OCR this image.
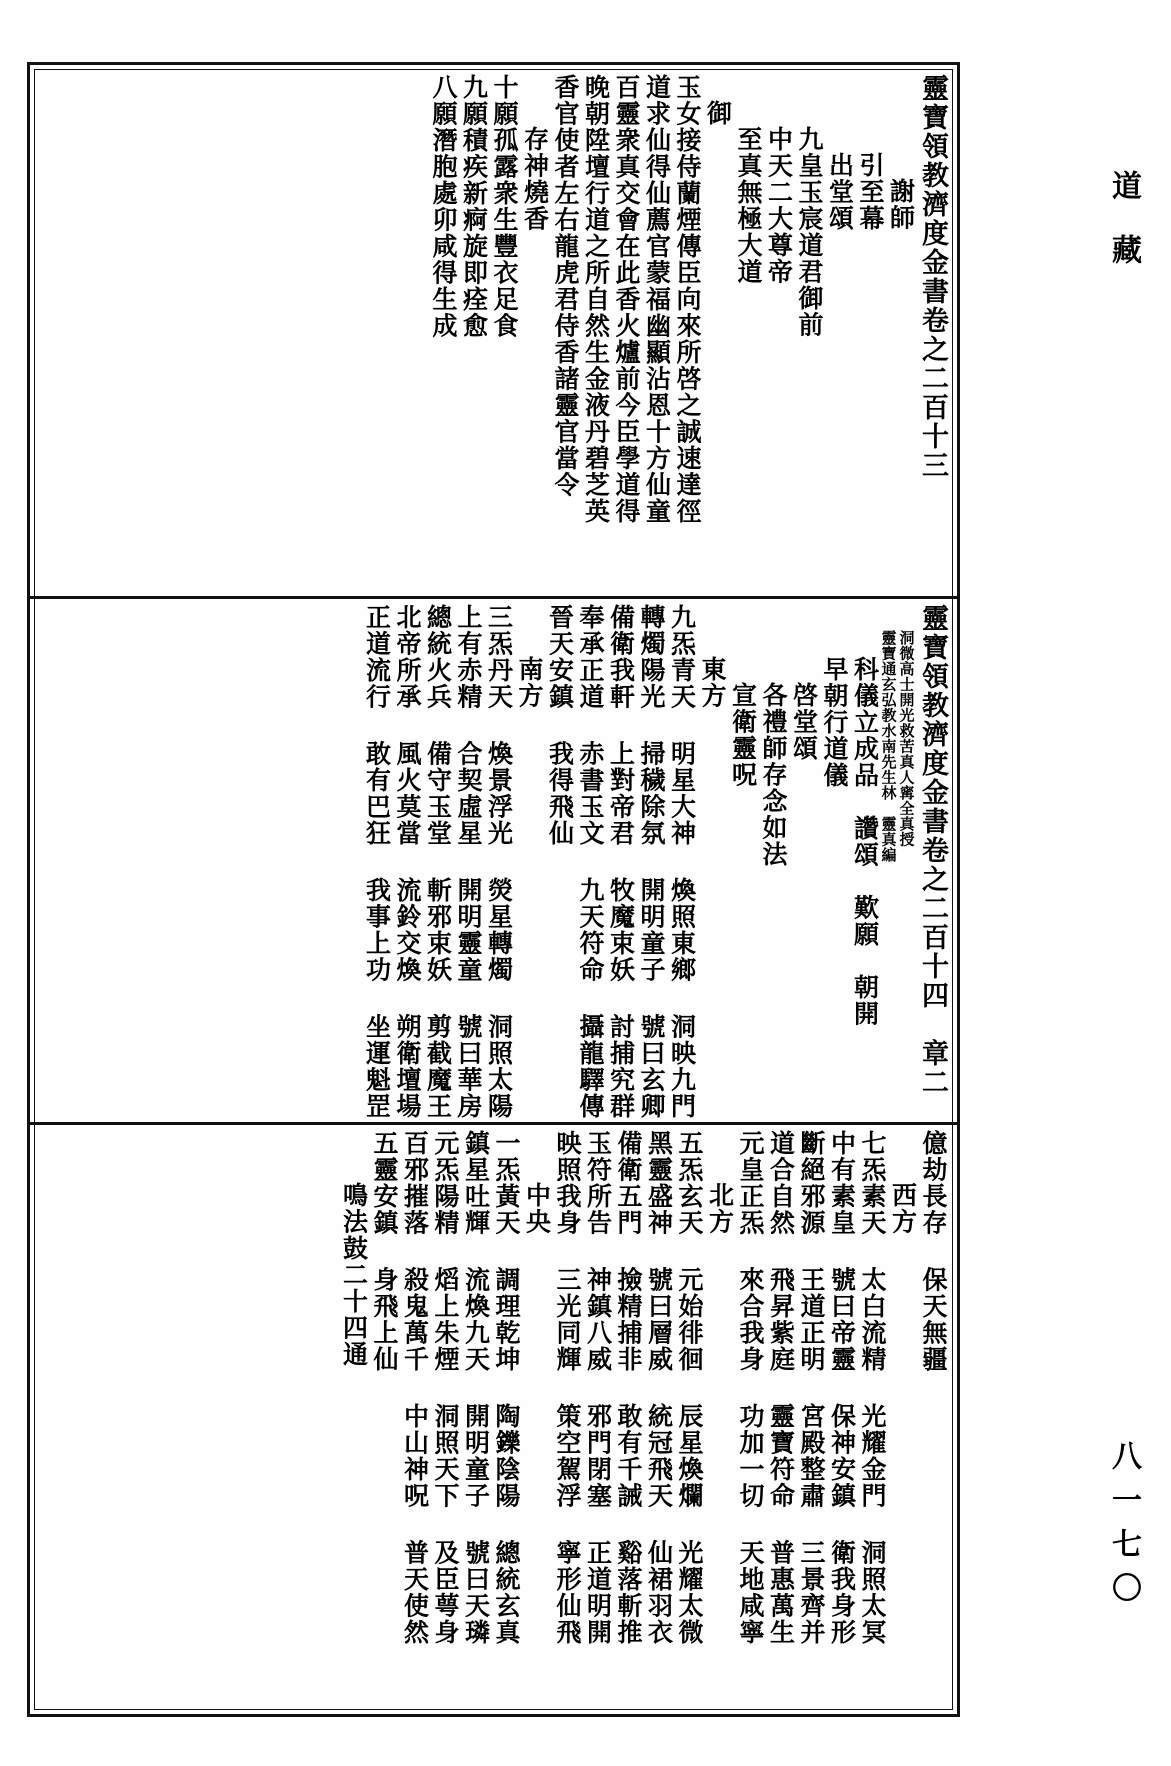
靈寶領教濟度金書卷之二百十三
謝師
引至幕
出堂頌
九皇玉宸道君御前
中天二大尊帝
至真無極大道
御
玉女接侍蘭煙傳臣向來所啓之誠速達徑
道求仙得仙薦官蒙福幽顯沾恩十方仙童
百靈衆真交會在此香火爐前今臣學道得
晚朝陞壇行道之所自然生金液丹碧芝英
香官使者左右龍虎君侍香諸靈官當令
存神燒香
十願孤露衆生豐衣足食
九願積疾新痾旋即痊愈
八願潛胞處卯咸得生成
靈寶領教濟度金書卷之二百十四　章二
洞微高士開光救苦真人寗全真授
靈寶通玄弘教水南先生林　靈真編
科儀立成品　讚頌　歎願　朝開
早朝行道儀
啓堂頌
各禮師存念如法
宣衛靈呪
東方
九炁青天 明星大神 煥照東鄉 洞映九門
轉燭陽光 掃穢除氛 開明童子 號曰玄卿
備衛我軒 上對帝君 牧魔束妖 討捕究群
奉承正道 赤書玉文 九天符命 攝龍驛傳
晉天安鎮 我得飛仙
南方
三炁丹天 煥景浮光 熒星轉燭 洞照太陽
上有赤精 合契虛星 開明靈童 號曰華房
總統火兵 備守玉堂 斬邪束妖 剪截魔王
北帝所承 風火莫當 流鈴交煥 朔衛壇場
正道流行 敢有巴狂 我事上功 坐運魁罡
億劫長存 保天無疆
西方
七炁素天 太白流精 光耀金門 洞照太冥
中有素皇 號曰帝靈 保神安鎮 衛我身形
斷絕邪源 王道正明 宮殿整肅 三景齊并
道合自然 飛昇紫庭 靈寶符命 普惠萬生
元皇正炁 來合我身 功加一切 天地咸寧
北方
五炁玄天 元始徘徊 辰星煥爛 光耀太微
黑靈盛神 號曰層威 統冠飛天 仙裙羽衣
備衛五門 撿精捕非 敢有千誡 谿落斬推
玉符所告 神鎮八威 邪門閉塞 正道明開
映照我身 三光同輝 策空駕浮 寧形仙飛
中央
一炁黃天 調理乾坤 陶鑠陰陽 總統玄真
鎮星吐輝 流煥九天 開明童子 號曰天璘
元炁陽精 熖上朱煙 洞照天下 及臣萼身
百邪摧落 殺鬼萬千 中山神呪 普天使然
五靈安鎮 身飛上仙
鳴法鼓二十四通
道藏
八一七〇
